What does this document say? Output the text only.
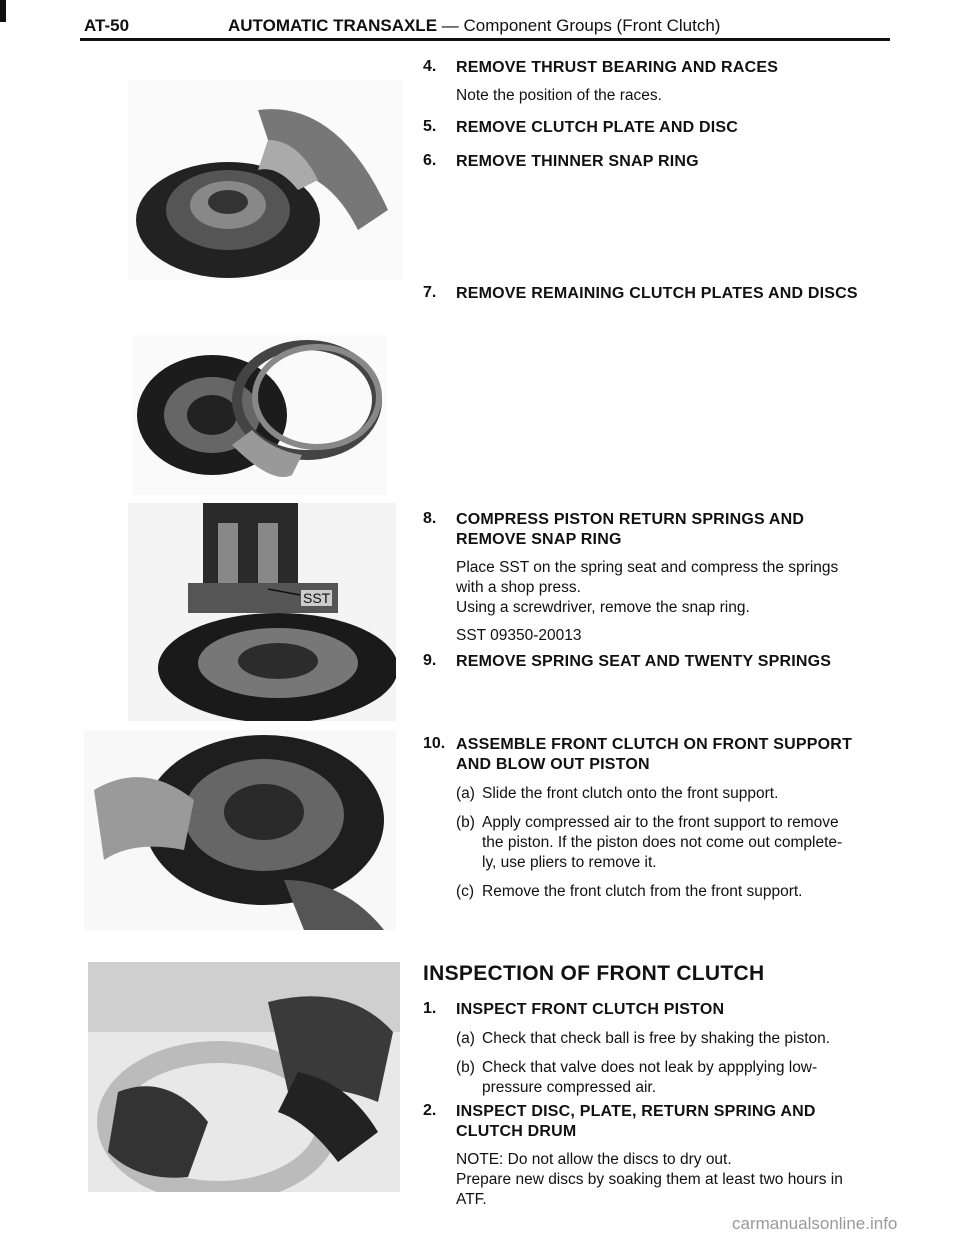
AT-50	AUTOMATIC TRANSAXLE — Component Groups (Front Clutch)
SST
4. REMOVE THRUST BEARING AND RACES
Note the position of the races.
5. REMOVE CLUTCH PLATE AND DISC
6. REMOVE THINNER SNAP RING
7. REMOVE REMAINING CLUTCH PLATES AND DISCS
8. COMPRESS PISTON RETURN SPRINGS AND
REMOVE SNAP RING
Place SST on the spring seat and compress the springs
with a shop press.
Using a screwdriver, remove the snap ring.
SST 09350-20013
9. REMOVE SPRING SEAT AND TWENTY SPRINGS
10. ASSEMBLE FRONT CLUTCH ON FRONT SUPPORT
AND BLOW OUT PISTON
(a) Slide the front clutch onto the front support.
(b) Apply compressed air to the front support to remove
the piston. If the piston does not come out complete-
ly, use pliers to remove it.
(c) Remove the front clutch from the front support.
INSPECTION OF FRONT CLUTCH
1. INSPECT FRONT CLUTCH PISTON
(a) Check that check ball is free by shaking the piston.
(b) Check that valve does not leak by appplying low-
pressure compressed air.
2. INSPECT DISC, PLATE, RETURN SPRING AND
CLUTCH DRUM
NOTE: Do not allow the discs to dry out.
Prepare new discs by soaking them at least two hours in
ATF.
carmanualsonline.info
